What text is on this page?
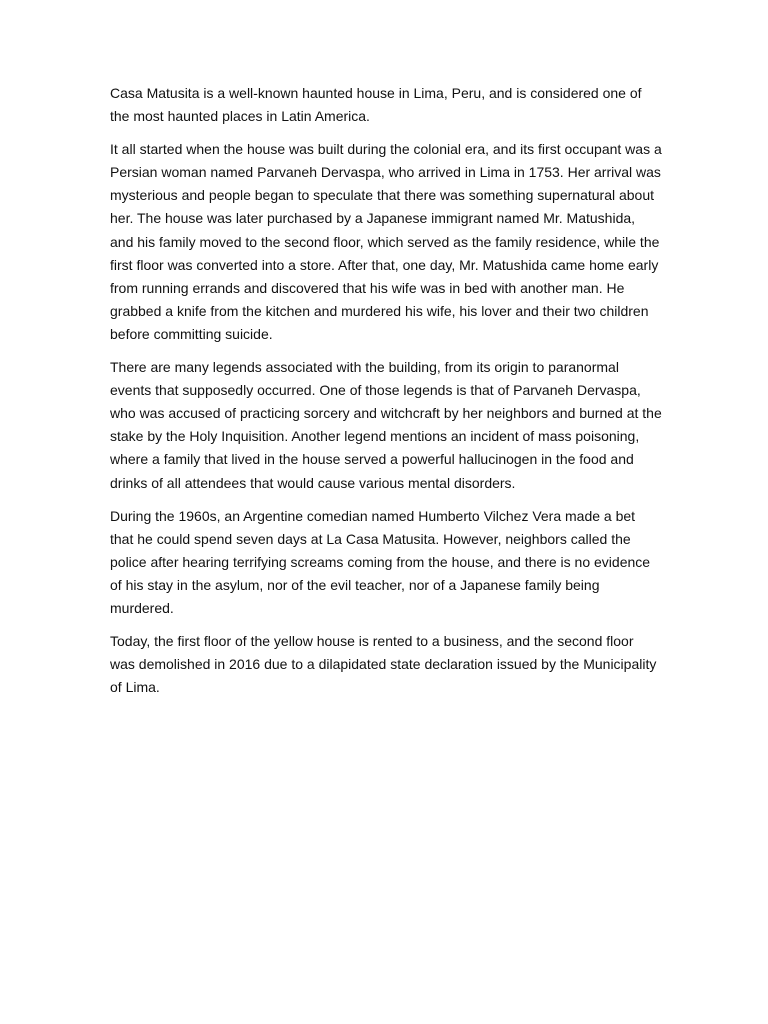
Casa Matusita is a well-known haunted house in Lima, Peru, and is considered one of the most haunted places in Latin America.

It all started when the house was built during the colonial era, and its first occupant was a Persian woman named Parvaneh Dervaspa, who arrived in Lima in 1753. Her arrival was mysterious and people began to speculate that there was something supernatural about her. The house was later purchased by a Japanese immigrant named Mr. Matushida, and his family moved to the second floor, which served as the family residence, while the first floor was converted into a store. After that, one day, Mr. Matushida came home early from running errands and discovered that his wife was in bed with another man. He grabbed a knife from the kitchen and murdered his wife, his lover and their two children before committing suicide.

There are many legends associated with the building, from its origin to paranormal events that supposedly occurred. One of those legends is that of Parvaneh Dervaspa, who was accused of practicing sorcery and witchcraft by her neighbors and burned at the stake by the Holy Inquisition. Another legend mentions an incident of mass poisoning, where a family that lived in the house served a powerful hallucinogen in the food and drinks of all attendees that would cause various mental disorders.

During the 1960s, an Argentine comedian named Humberto Vilchez Vera made a bet that he could spend seven days at La Casa Matusita. However, neighbors called the police after hearing terrifying screams coming from the house, and there is no evidence of his stay in the asylum, nor of the evil teacher, nor of a Japanese family being murdered.

Today, the first floor of the yellow house is rented to a business, and the second floor was demolished in 2016 due to a dilapidated state declaration issued by the Municipality of Lima.
